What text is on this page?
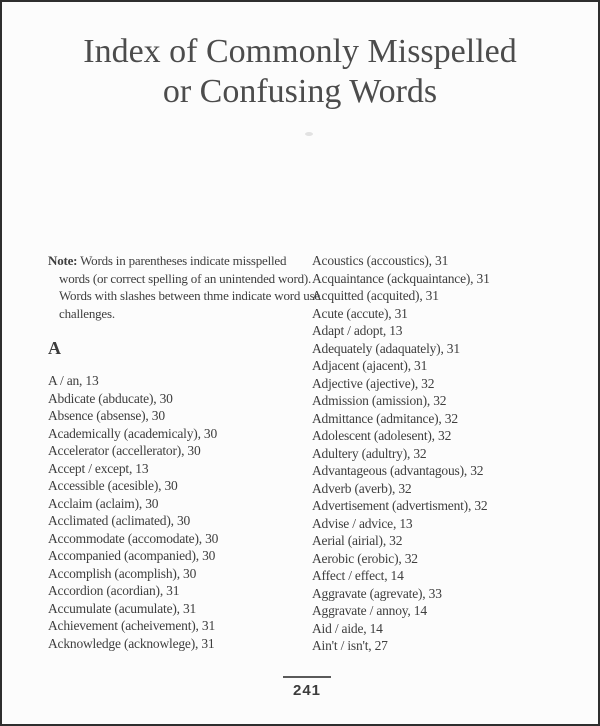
Index of Commonly Misspelled
or Confusing Words
Note: Words in parentheses indicate misspelled
words (or correct spelling of an unintended word).
Words with slashes between thme indicate word use
challenges.
A
A / an, 13
Abdicate (abducate), 30
Absence (absense), 30
Academically (academicaly), 30
Accelerator (accellerator), 30
Accept / except, 13
Accessible (acesible), 30
Acclaim (aclaim), 30
Acclimated (aclimated), 30
Accommodate (accomodate), 30
Accompanied (acompanied), 30
Accomplish (acomplish), 30
Accordion (acordian), 31
Accumulate (acumulate), 31
Achievement (acheivement), 31
Acknowledge (acknowlege), 31
Acoustics (accoustics), 31
Acquaintance (ackquaintance), 31
Acquitted (acquited), 31
Acute (accute), 31
Adapt / adopt, 13
Adequately (adaquately), 31
Adjacent (ajacent), 31
Adjective (ajective), 32
Admission (amission), 32
Admittance (admitance), 32
Adolescent (adolesent), 32
Adultery (adultry), 32
Advantageous (advantagous), 32
Adverb (averb), 32
Advertisement (advertisment), 32
Advise / advice, 13
Aerial (airial), 32
Aerobic (erobic), 32
Affect / effect, 14
Aggravate (agrevate), 33
Aggravate / annoy, 14
Aid / aide, 14
Ain't / isn't, 27
241
